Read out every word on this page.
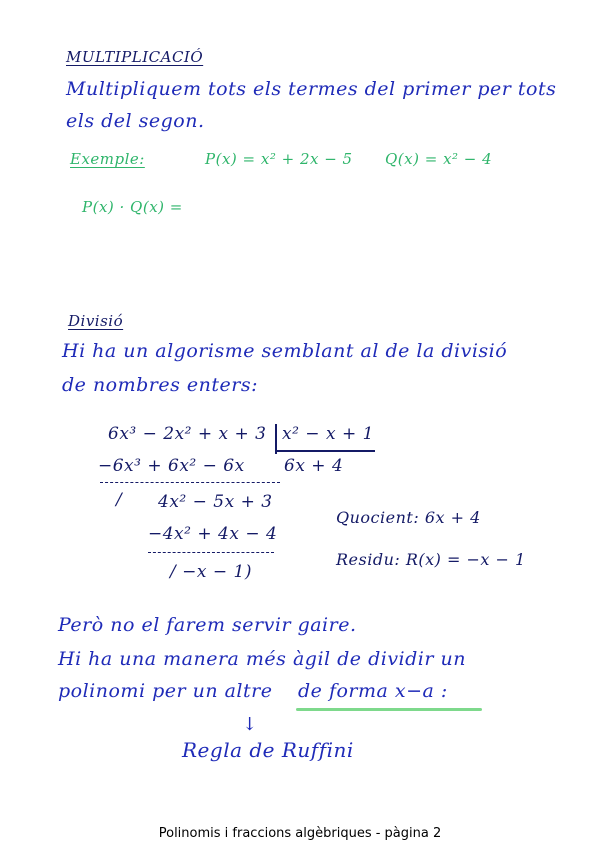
MULTIPLICACIÓ
Multipliquem tots els termes del primer per tots
els del segon.
Exemple:	P(x) = x² + 2x − 5 Q(x) = x² − 4
P(x) · Q(x) =
Divisió
Hi ha un algorisme semblant al de la divisió
de nombres enters:
6x³ − 2x² + x + 3 x² − x + 1
−6x³ + 6x² − 6x 6x + 4
/ 4x² − 5x + 3
−4x² + 4x − 4
/ −x − 1)
Quocient: 6x + 4
Residu: R(x) = −x − 1
Però no el farem servir gaire.
Hi ha una manera més àgil de dividir un
polinomi per un altre de forma x−a :
↓
Regla de Ruffini
Polinomis i fraccions algèbriques - pàgina 2
